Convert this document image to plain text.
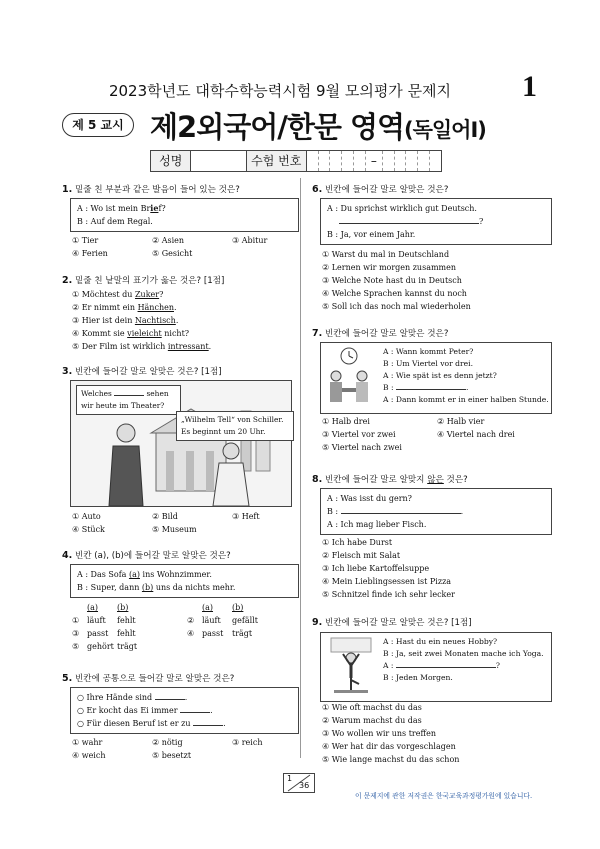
2023학년도 대학수학능력시험 9월 모의평가 문제지	1
제 5 교시 제2외국어/한문 영역(독일어Ⅰ)
성명	수험 번호	–
1. 밑줄 친 부분과 같은 발음이 들어 있는 것은?
A : Wo ist mein Brief?
B : Auf dem Regal.
① Tier	② Asien	③ Abitur
④ Ferien	⑤ Gesicht
2. 밑줄 친 낱말의 표기가 옳은 것은? [1점]
① Möchtest du Zuker?
② Er nimmt ein Hänchen.
③ Hier ist dein Nachtisch.
④ Kommt sie vieleicht nicht?
⑤ Der Film ist wirklich intressant.
3. 빈칸에 들어갈 말로 알맞은 것은? [1점]
Welches	sehen
wir heute im Theater?
„Wilhelm Tell“ von Schiller.
Es beginnt um 20 Uhr.
① Auto	② Bild	③ Heft
④ Stück	⑤ Museum
4. 빈칸 (a), (b)에 들어갈 말로 알맞은 것은?
A : Das Sofa (a) ins Wohnzimmer.
B : Super, dann (b) uns da nichts mehr.
(a)	(b)	(a)	(b)
① läuft	fehlt	② läuft	gefällt
③ passt	fehlt	④ passt	trägt
⑤ gehört trägt
5. 빈칸에 공통으로 들어갈 말로 알맞은 것은?
○ Ihre Hände sind	.
○ Er kocht das Ei immer	.
○ Für diesen Beruf ist er zu	.
① wahr	② nötig	③ reich
④ weich	⑤ besetzt
6. 빈칸에 들어갈 말로 알맞은 것은?
A : Du sprichst wirklich gut Deutsch.
?
B : Ja, vor einem Jahr.
① Warst du mal in Deutschland
② Lernen wir morgen zusammen
③ Welche Note hast du in Deutsch
④ Welche Sprachen kannst du noch
⑤ Soll ich das noch mal wiederholen
7. 빈칸에 들어갈 말로 알맞은 것은?
A : Wann kommt Peter?
B : Um Viertel vor drei.
A : Wie spät ist es denn jetzt?
B :	.
A : Dann kommt er in einer halben Stunde.
① Halb drei	② Halb vier
③ Viertel vor zwei	④ Viertel nach drei
⑤ Viertel nach zwei
8. 빈칸에 들어갈 말로 알맞지 않은 것은?
A : Was isst du gern?
B :	.
A : Ich mag lieber Fisch.
① Ich habe Durst
② Fleisch mit Salat
③ Ich liebe Kartoffelsuppe
④ Mein Lieblingsessen ist Pizza
⑤ Schnitzel finde ich sehr lecker
9. 빈칸에 들어갈 말로 알맞은 것은? [1점]
A : Hast du ein neues Hobby?
B : Ja, seit zwei Monaten mache ich Yoga.
A :	?
B : Jeden Morgen.
① Wie oft machst du das
② Warum machst du das
③ Wo wollen wir uns treffen
④ Wer hat dir das vorgeschlagen
⑤ Wie lange machst du das schon
1
36
이 문제지에 관한 저작권은 한국교육과정평가원에 있습니다.
